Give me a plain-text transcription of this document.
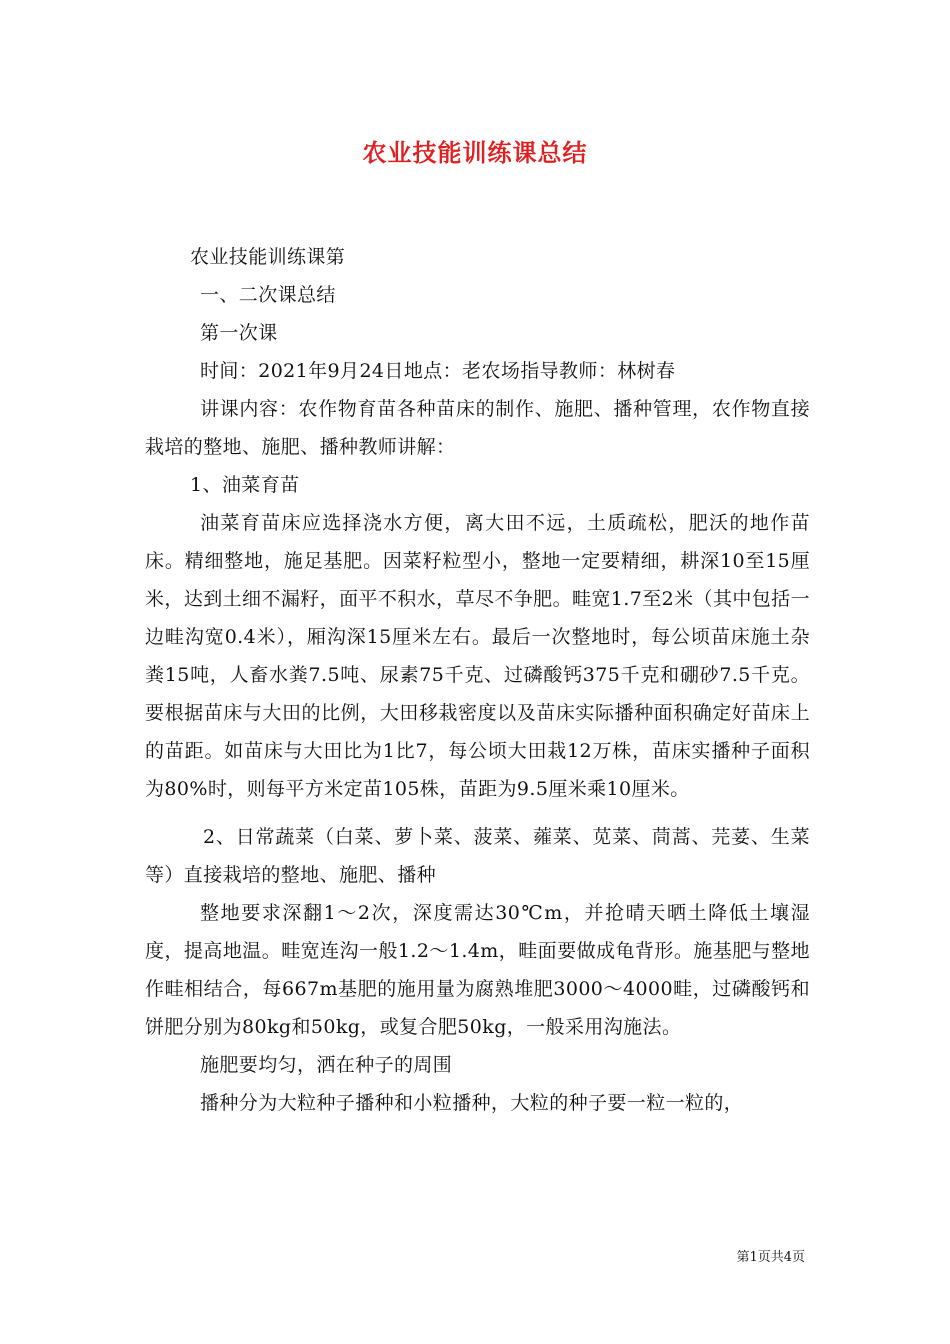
农业技能训练课总结

农业技能训练课第

一、二次课总结

第一次课

时间：2021年9月24日地点：老农场指导教师：林树春

讲课内容：农作物育苗各种苗床的制作、施肥、播种管理，农作物直接栽培的整地、施肥、播种教师讲解：

1、油菜育苗

油菜育苗床应选择浇水方便，离大田不远，土质疏松，肥沃的地作苗床。精细整地，施足基肥。因菜籽粒型小，整地一定要精细，耕深10至15厘米，达到土细不漏籽，面平不积水，草尽不争肥。畦宽1.7至2米（其中包括一边畦沟宽0.4米），厢沟深15厘米左右。最后一次整地时，每公顷苗床施土杂粪15吨，人畜水粪7.5吨、尿素75千克、过磷酸钙375千克和硼砂7.5千克。要根据苗床与大田的比例，大田移栽密度以及苗床实际播种面积确定好苗床上的苗距。如苗床与大田比为1比7，每公顷大田栽12万株，苗床实播种子面积为80%时，则每平方米定苗105株，苗距为9.5厘米乘10厘米。

2、日常蔬菜（白菜、萝卜菜、菠菜、蕹菜、苋菜、茼蒿、芫荽、生菜等）直接栽培的整地、施肥、播种

整地要求深翻1～2次，深度需达30℃m，并抢晴天晒土降低土壤湿度，提高地温。畦宽连沟一般1.2～1.4m，畦面要做成龟背形。施基肥与整地作畦相结合，每667m基肥的施用量为腐熟堆肥3000～4000畦，过磷酸钙和饼肥分别为80kg和50kg，或复合肥50kg，一般采用沟施法。

施肥要均匀，洒在种子的周围

播种分为大粒种子播种和小粒播种，大粒的种子要一粒一粒的，

第1页共4页
